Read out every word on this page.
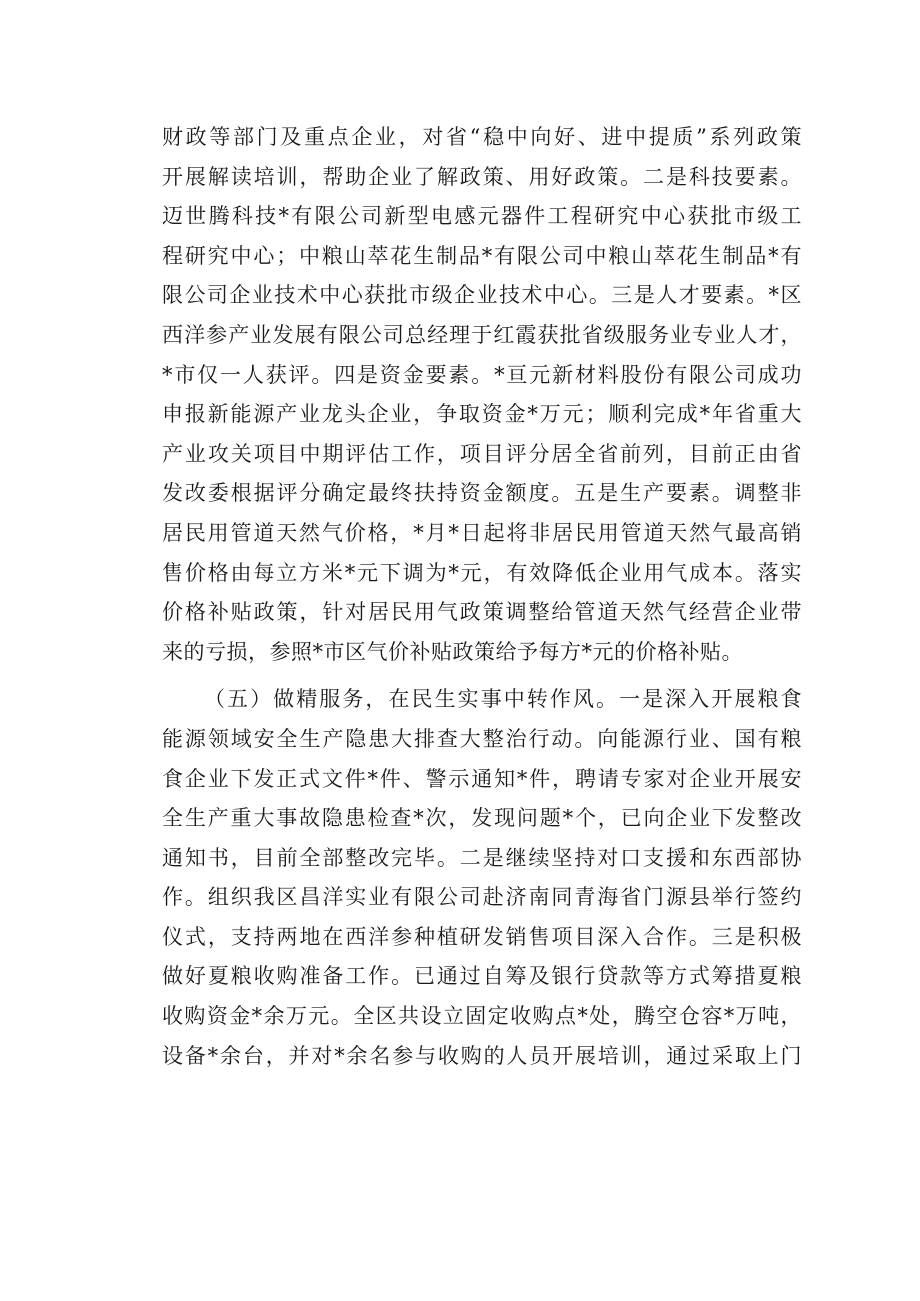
财政等部门及重点企业，对省“稳中向好、进中提质”系列政策
开展解读培训，帮助企业了解政策、用好政策。二是科技要素。
迈世腾科技*有限公司新型电感元器件工程研究中心获批市级工
程研究中心；中粮山萃花生制品*有限公司中粮山萃花生制品*有
限公司企业技术中心获批市级企业技术中心。三是人才要素。*区
西洋参产业发展有限公司总经理于红霞获批省级服务业专业人才，
*市仅一人获评。四是资金要素。*亘元新材料股份有限公司成功
申报新能源产业龙头企业，争取资金*万元；顺利完成*年省重大
产业攻关项目中期评估工作，项目评分居全省前列，目前正由省
发改委根据评分确定最终扶持资金额度。五是生产要素。调整非
居民用管道天然气价格，*月*日起将非居民用管道天然气最高销
售价格由每立方米*元下调为*元，有效降低企业用气成本。落实
价格补贴政策，针对居民用气政策调整给管道天然气经营企业带
来的亏损，参照*市区气价补贴政策给予每方*元的价格补贴。
（五）做精服务，在民生实事中转作风。一是深入开展粮食
能源领域安全生产隐患大排查大整治行动。向能源行业、国有粮
食企业下发正式文件*件、警示通知*件，聘请专家对企业开展安
全生产重大事故隐患检查*次，发现问题*个，已向企业下发整改
通知书，目前全部整改完毕。二是继续坚持对口支援和东西部协
作。组织我区昌洋实业有限公司赴济南同青海省门源县举行签约
仪式，支持两地在西洋参种植研发销售项目深入合作。三是积极
做好夏粮收购准备工作。已通过自筹及银行贷款等方式筹措夏粮
收购资金*余万元。全区共设立固定收购点*处，腾空仓容*万吨，
设备*余台，并对*余名参与收购的人员开展培训，通过采取上门
